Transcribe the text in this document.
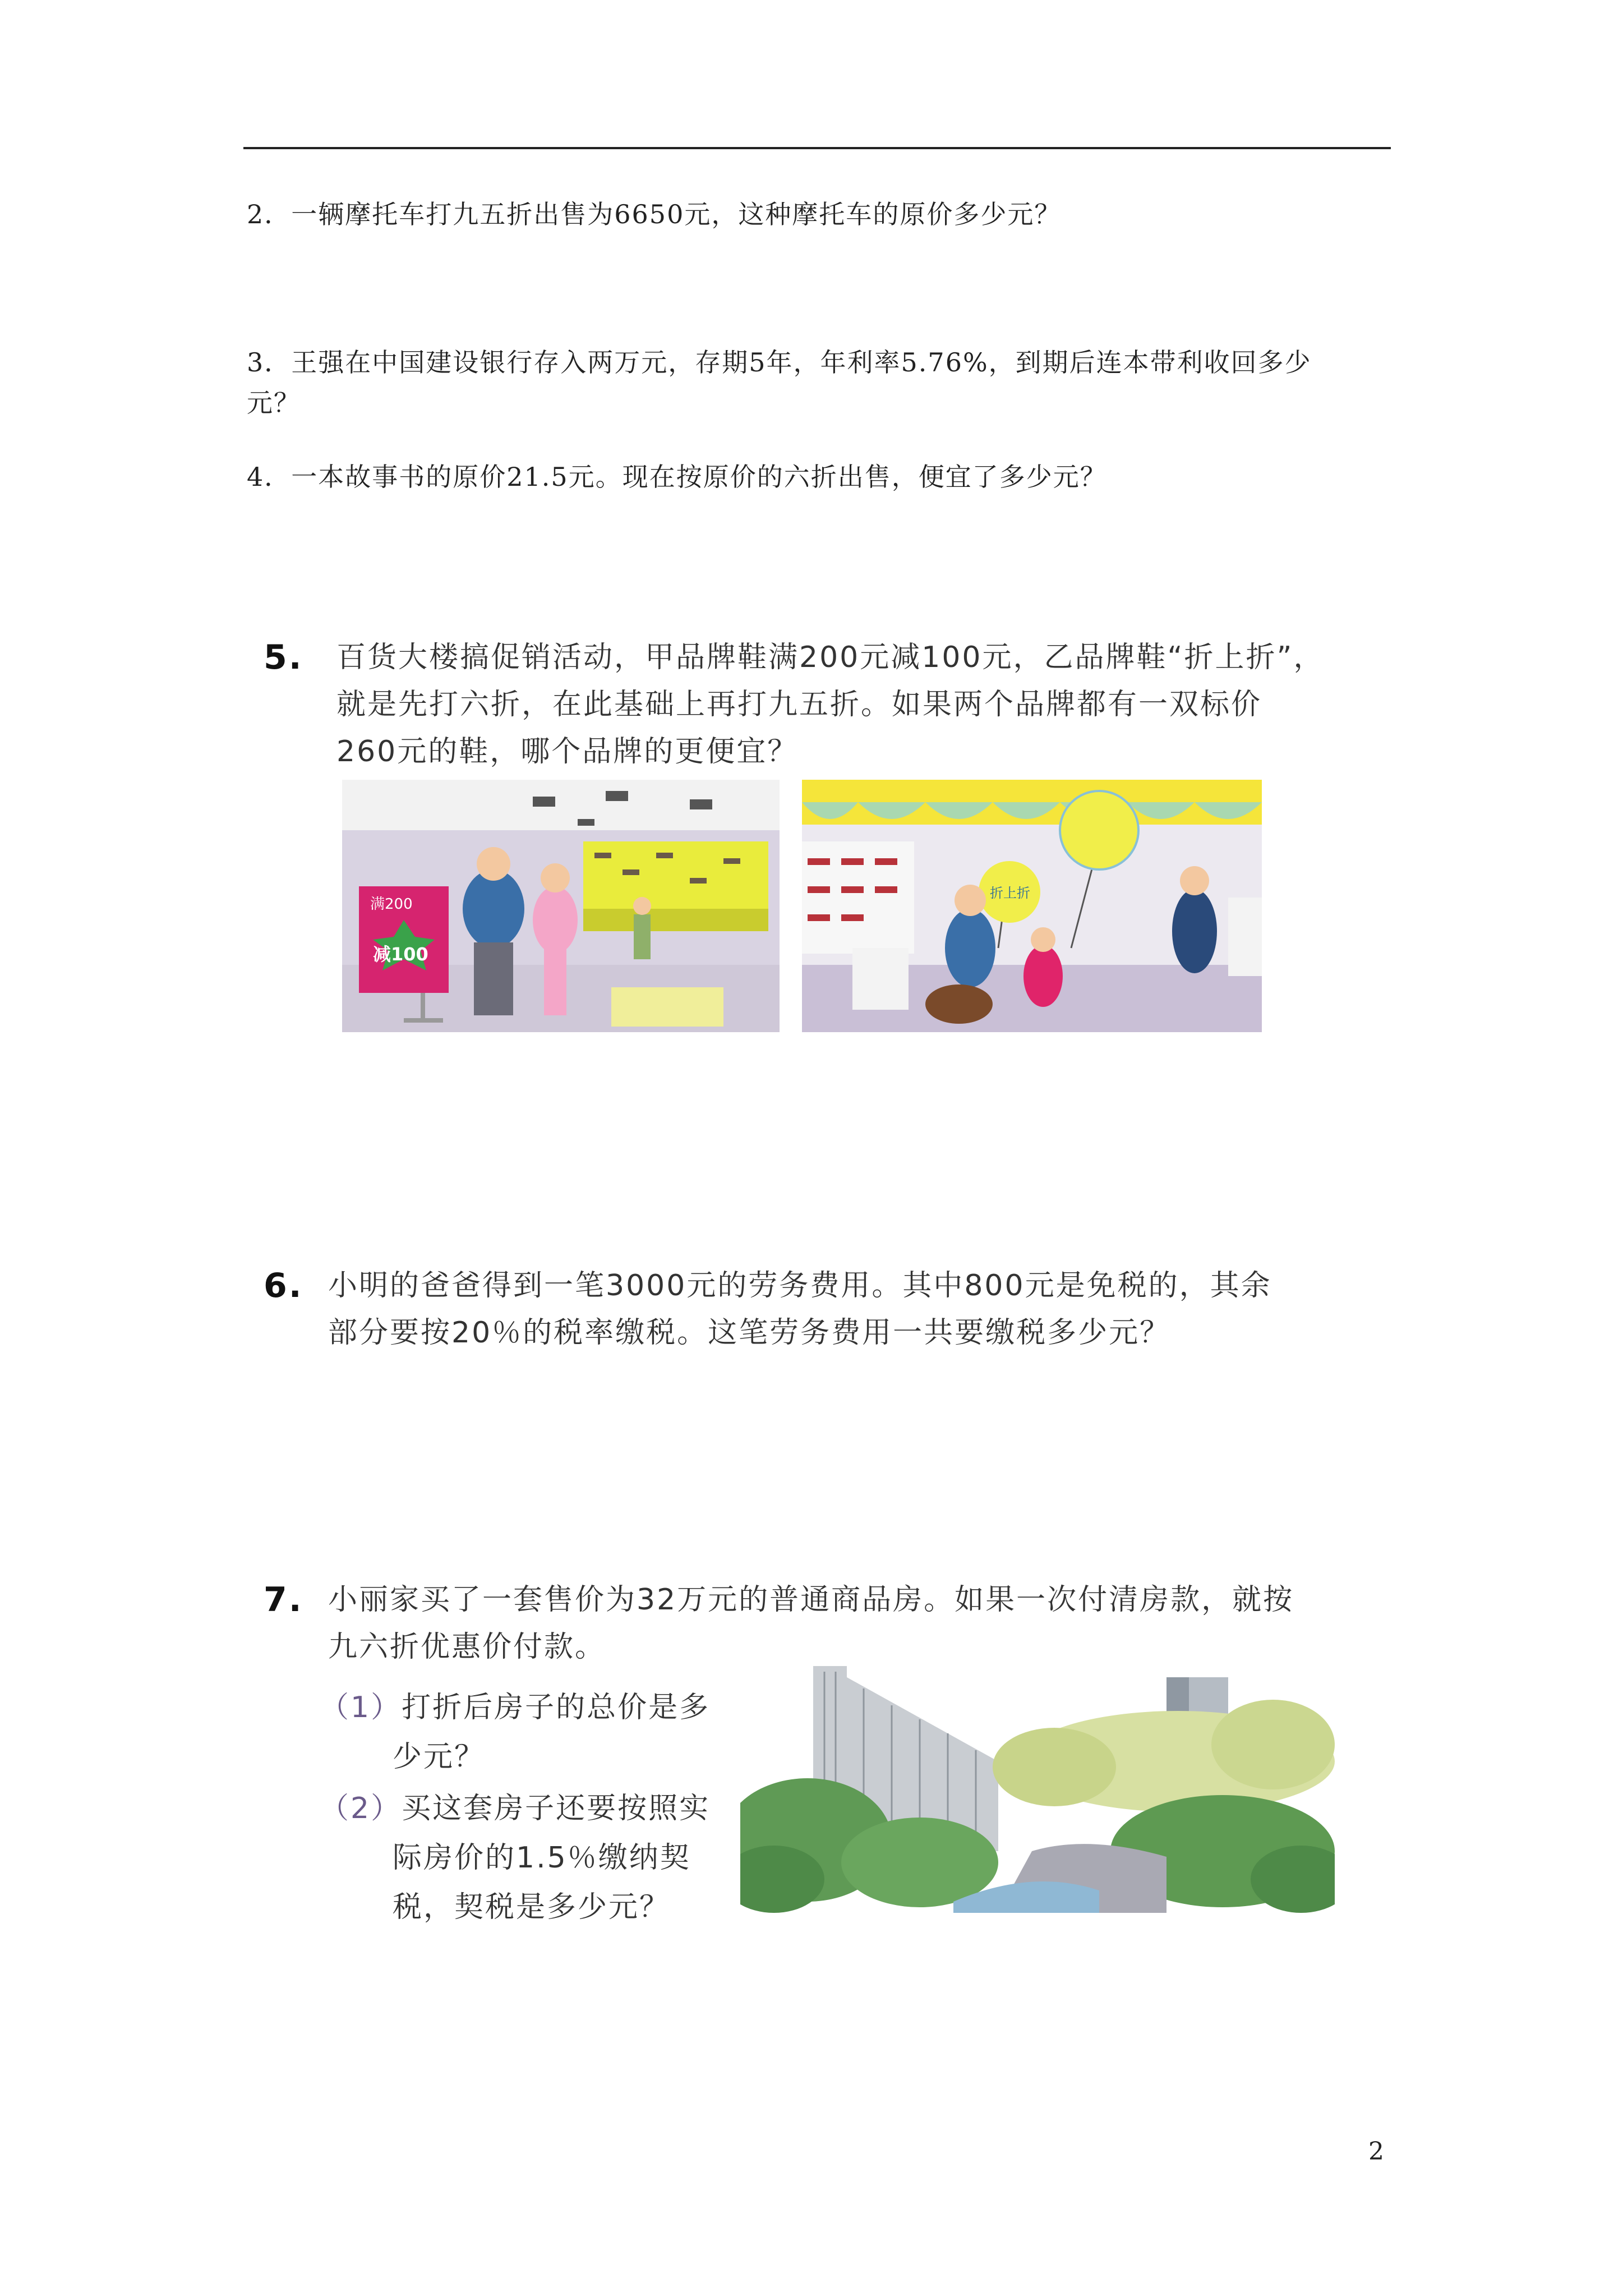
2．一辆摩托车打九五折出售为6650元，这种摩托车的原价多少元？
3．王强在中国建设银行存入两万元，存期5年，年利率5.76%，到期后连本带利收回多少
元？
4．一本故事书的原价21.5元。现在按原价的六折出售，便宜了多少元？
5. 百货大楼搞促销活动，甲品牌鞋满200元减100元，乙品牌鞋“折上折”，
就是先打六折，在此基础上再打九五折。如果两个品牌都有一双标价
260元的鞋，哪个品牌的更便宜？
满200
减100
折上折
6. 小明的爸爸得到一笔3000元的劳务费用。其中800元是免税的，其余
部分要按20％的税率缴税。这笔劳务费用一共要缴税多少元？
7. 小丽家买了一套售价为32万元的普通商品房。如果一次付清房款，就按
九六折优惠价付款。
（1）打折后房子的总价是多
少元？
（2）买这套房子还要按照实
际房价的1.5％缴纳契
税，契税是多少元？
2
